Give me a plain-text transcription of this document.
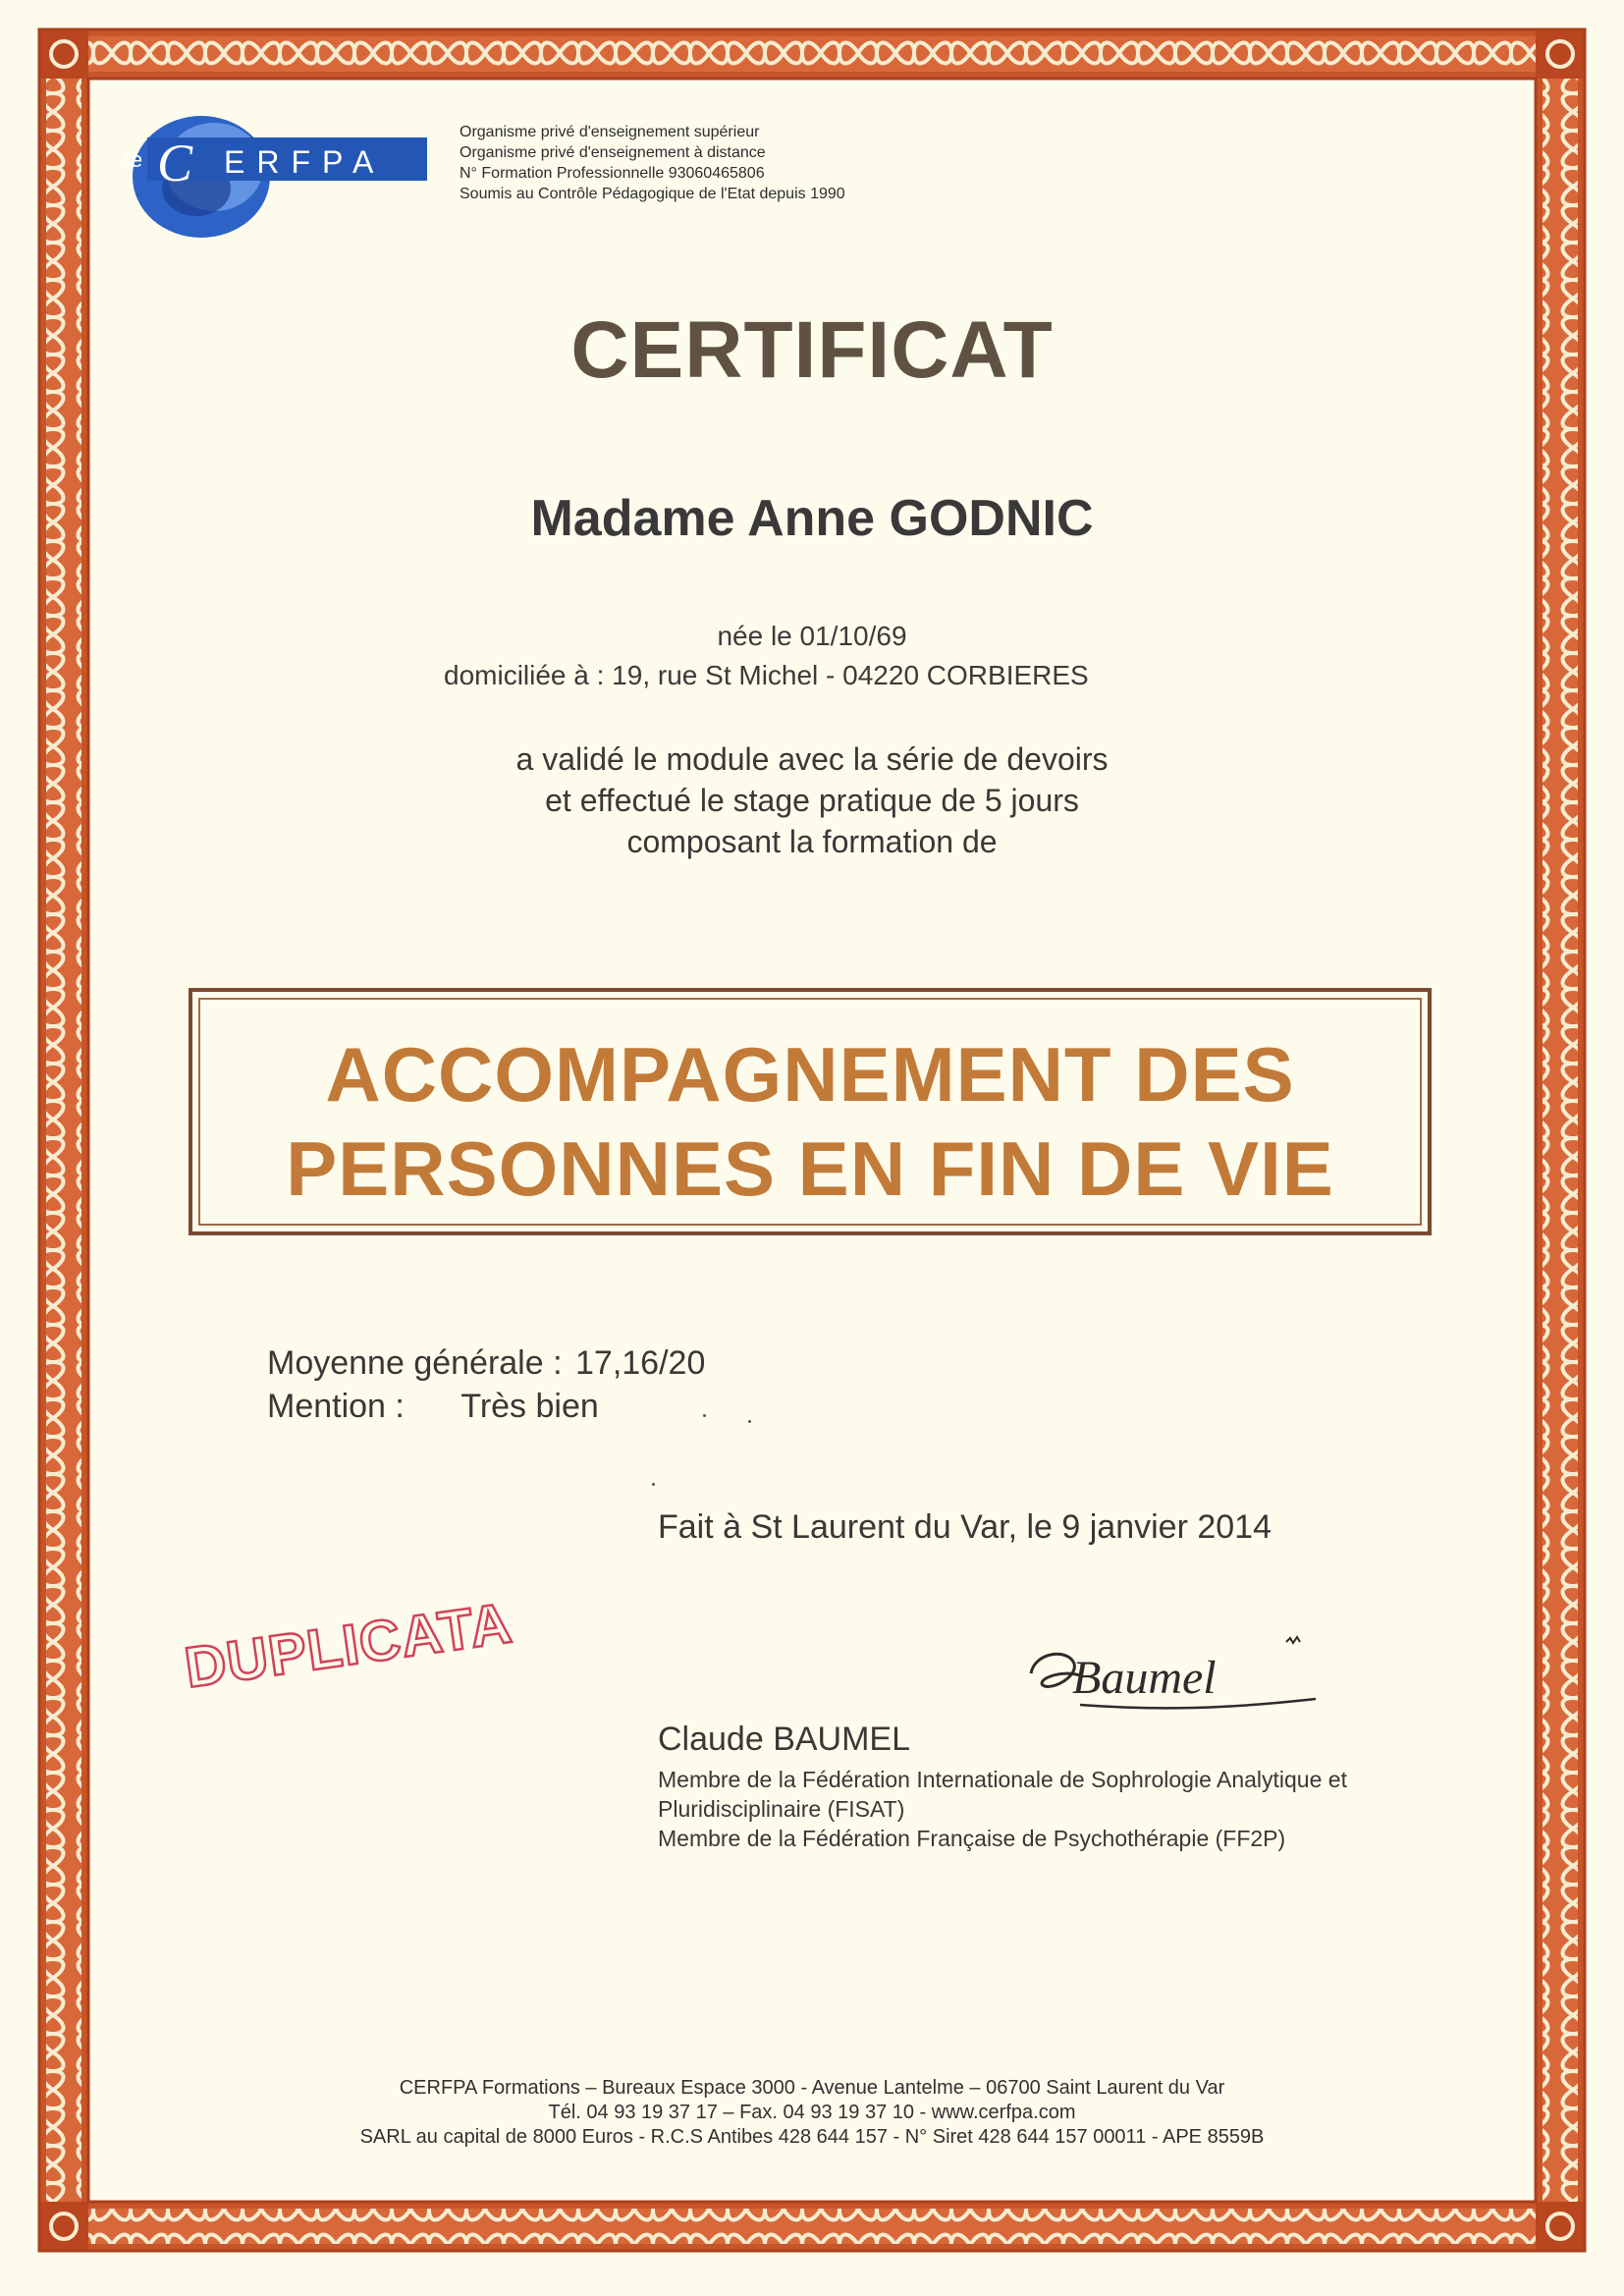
le C ERFPA
Organisme privé d'enseignement supérieur
Organisme privé d'enseignement à distance
N° Formation Professionnelle 93060465806
Soumis au Contrôle Pédagogique de l'Etat depuis 1990
CERTIFICAT
Madame Anne GODNIC
née le 01/10/69
domiciliée à : 19, rue St Michel - 04220 CORBIERES
a validé le module avec la série de devoirs
et effectué le stage pratique de 5 jours
composant la formation de
ACCOMPAGNEMENT DES
PERSONNES EN FIN DE VIE
Moyenne générale : 17,16/20
Mention : Très bien
Fait à St Laurent du Var, le 9 janvier 2014
DUPLICATA	Baumel
Claude BAUMEL
Membre de la Fédération Internationale de Sophrologie Analytique et
Pluridisciplinaire (FISAT)
Membre de la Fédération Française de Psychothérapie (FF2P)
CERFPA Formations – Bureaux Espace 3000 - Avenue Lantelme – 06700 Saint Laurent du Var
Tél. 04 93 19 37 17 – Fax. 04 93 19 37 10 - www.cerfpa.com
SARL au capital de 8000 Euros - R.C.S Antibes 428 644 157 - N° Siret 428 644 157 00011 - APE 8559B
